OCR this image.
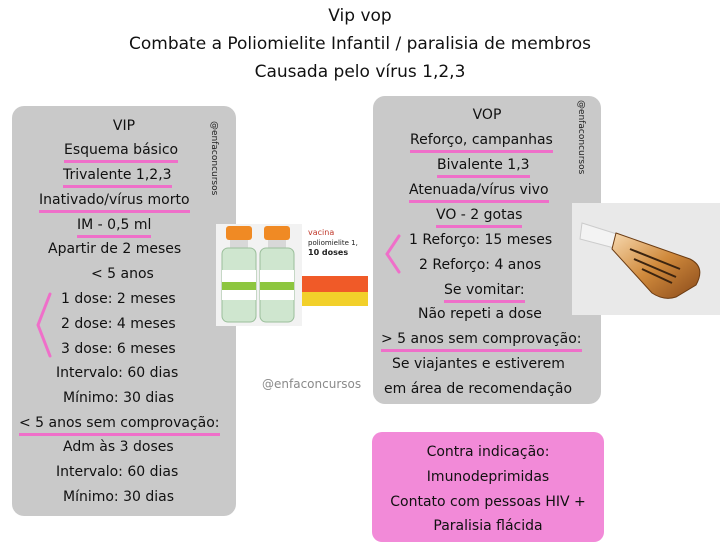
Vip vop
Combate a Poliomielite Infantil / paralisia de membros
Causada pelo vírus 1,2,3
VIP	@enfaconcursos
Esquema básico
Trivalente 1,2,3
Inativado/vírus morto
IM - 0,5 ml
Apartir de 2 meses
< 5 anos
1 dose: 2 meses
2 dose: 4 meses
3 dose: 6 meses
Intervalo: 60 dias
Mínimo: 30 dias
< 5 anos sem comprovação:
Adm às 3 doses
Intervalo: 60 dias
Mínimo: 30 dias
vacina
poliomielite 1,
10 doses
@enfaconcursos
VOP	@enfaconcursos
Reforço, campanhas
Bivalente 1,3
Atenuada/vírus vivo
VO - 2 gotas
1 Reforço: 15 meses
2 Reforço: 4 anos
Se vomitar:
Não repeti a dose
> 5 anos sem comprovação:
Se viajantes e estiverem
em área de recomendação
Contra indicação:
Imunodeprimidas
Contato com pessoas HIV +
Paralisia flácida
